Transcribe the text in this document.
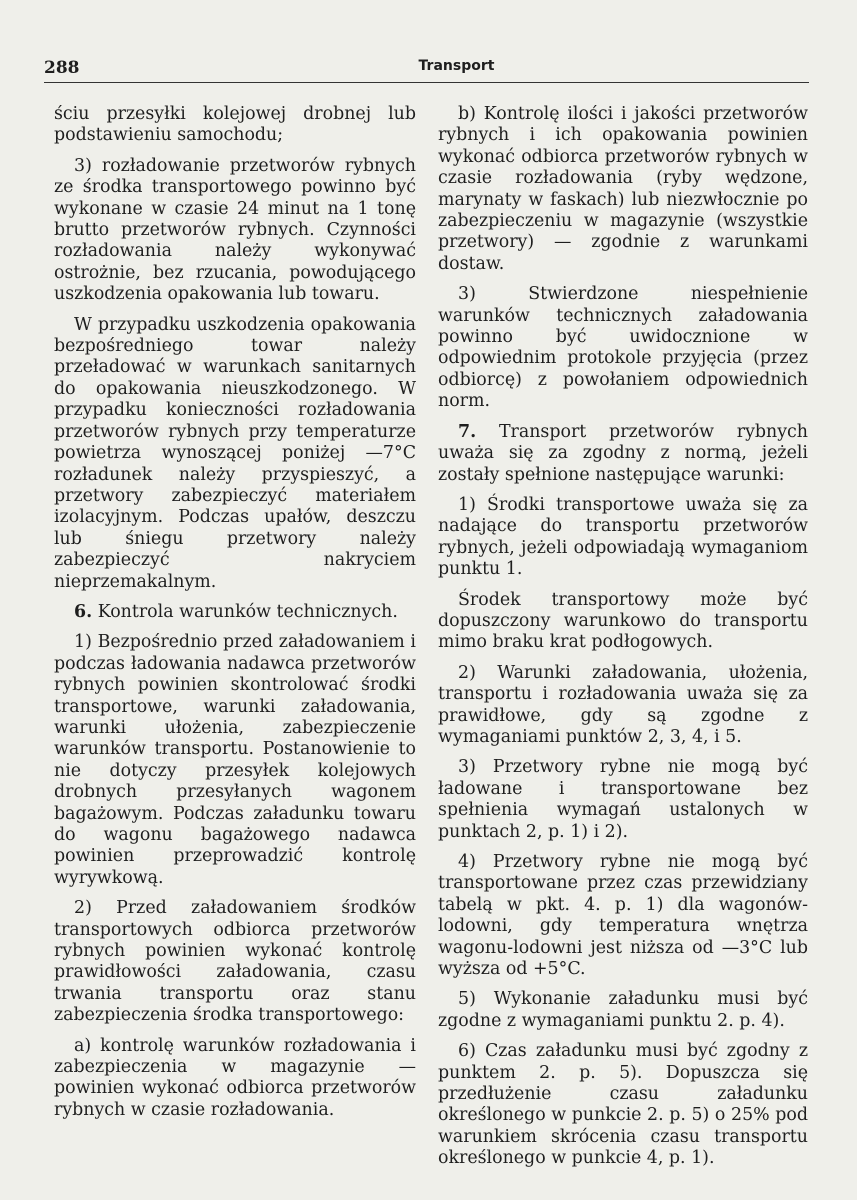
288	Transport

ściu przesyłki kolejowej drobnej lub podstawieniu samochodu;

3) rozładowanie przetworów rybnych ze środka transportowego powinno być wykonane w czasie 24 minut na 1 tonę brutto przetworów rybnych. Czynności rozładowania należy wykonywać ostrożnie, bez rzucania, powodującego uszkodzenia opakowania lub towaru.

W przypadku uszkodzenia opakowania bezpośredniego towar należy przeładować w warunkach sanitarnych do opakowania nieuszkodzonego. W przypadku konieczności rozładowania przetworów rybnych przy temperaturze powietrza wynoszącej poniżej —7°C rozładunek należy przyspieszyć, a przetwory zabezpieczyć materiałem izolacyjnym. Podczas upałów, deszczu lub śniegu przetwory należy zabezpieczyć nakryciem nieprzemakalnym.

6. Kontrola warunków technicznych.

1) Bezpośrednio przed załadowaniem i podczas ładowania nadawca przetworów rybnych powinien skontrolować środki transportowe, warunki załadowania, warunki ułożenia, zabezpieczenie warunków transportu. Postanowienie to nie dotyczy przesyłek kolejowych drobnych przesyłanych wagonem bagażowym. Podczas załadunku towaru do wagonu bagażowego nadawca powinien przeprowadzić kontrolę wyrywkową.

2) Przed załadowaniem środków transportowych odbiorca przetworów rybnych powinien wykonać kontrolę prawidłowości załadowania, czasu trwania transportu oraz stanu zabezpieczenia środka transportowego:

a) kontrolę warunków rozładowania i zabezpieczenia w magazynie — powinien wykonać odbiorca przetworów rybnych w czasie rozładowania.

b) Kontrolę ilości i jakości przetworów rybnych i ich opakowania powinien wykonać odbiorca przetworów rybnych w czasie rozładowania (ryby wędzone, marynaty w faskach) lub niezwłocznie po zabezpieczeniu w magazynie (wszystkie przetwory) — zgodnie z warunkami dostaw.

3) Stwierdzone niespełnienie warunków technicznych załadowania powinno być uwidocznione w odpowiednim protokole przyjęcia (przez odbiorcę) z powołaniem odpowiednich norm.

7. Transport przetworów rybnych uważa się za zgodny z normą, jeżeli zostały spełnione następujące warunki:

1) Środki transportowe uważa się za nadające do transportu przetworów rybnych, jeżeli odpowiadają wymaganiom punktu 1.

Środek transportowy może być dopuszczony warunkowo do transportu mimo braku krat podłogowych.

2) Warunki załadowania, ułożenia, transportu i rozładowania uważa się za prawidłowe, gdy są zgodne z wymaganiami punktów 2, 3, 4, i 5.

3) Przetwory rybne nie mogą być ładowane i transportowane bez spełnienia wymagań ustalonych w punktach 2, p. 1) i 2).

4) Przetwory rybne nie mogą być transportowane przez czas przewidziany tabelą w pkt. 4. p. 1) dla wagonów-lodowni, gdy temperatura wnętrza wagonu-lodowni jest niższa od —3°C lub wyższa od +5°C.

5) Wykonanie załadunku musi być zgodne z wymaganiami punktu 2. p. 4).

6) Czas załadunku musi być zgodny z punktem 2. p. 5). Dopuszcza się przedłużenie czasu załadunku określonego w punkcie 2. p. 5) o 25% pod warunkiem skrócenia czasu transportu określonego w punkcie 4, p. 1).
